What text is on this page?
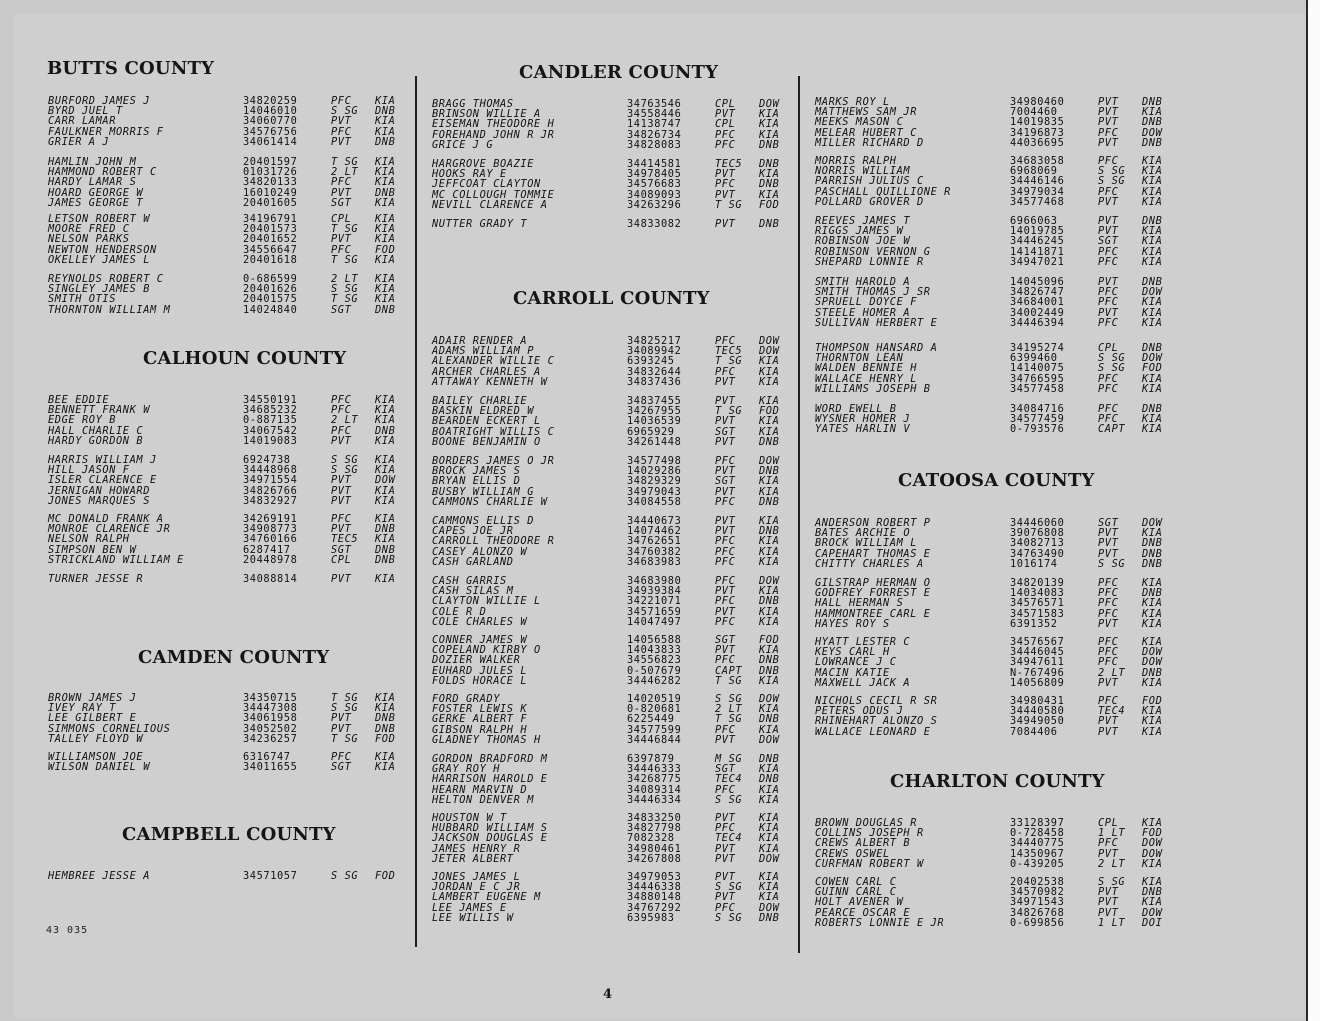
BUTTS COUNTY
BURFORD JAMES J	34820259	PFC KIA
BYRD JUEL T	14046010	S SG DNB
CARR LAMAR	34060770	PVT KIA
FAULKNER MORRIS F	34576756	PFC KIA
GRIER A J	34061414	PVT DNB
HAMLIN JOHN M	20401597	T SG KIA
HAMMOND ROBERT C	01031726	2 LT KIA
HARDY LAMAR S	34820133	PFC KIA
HOARD GEORGE W	16010249	PVT DNB
JAMES GEORGE T	20401605	SGT KIA
LETSON ROBERT W	34196791	CPL KIA
MOORE FRED C	20401573	T SG KIA
NELSON PARKS	20401652	PVT KIA
NEWTON HENDERSON	34556647	PFC FOD
OKELLEY JAMES L	20401618	T SG KIA
REYNOLDS ROBERT C	0-686599	2 LT KIA
SINGLEY JAMES B	20401626	S SG KIA
SMITH OTIS	20401575	T SG KIA
THORNTON WILLIAM M	14024840	SGT DNB
CALHOUN COUNTY
BEE EDDIE	34550191	PFC KIA
BENNETT FRANK W	34685232	PFC KIA
EDGE ROY B	0-887135	2 LT KIA
HALL CHARLIE C	34067542	PFC DNB
HARDY GORDON B	14019083	PVT KIA
HARRIS WILLIAM J	6924738	S SG KIA
HILL JASON F	34448968	S SG KIA
ISLER CLARENCE E	34971554	PVT DOW
JERNIGAN HOWARD	34826766	PVT KIA
JONES MARQUES S	34832927	PVT KIA
MC DONALD FRANK A	34269191	PFC KIA
MONROE CLARENCE JR	34908773	PVT DNB
NELSON RALPH	34760166	TEC5 KIA
SIMPSON BEN W	6287417	SGT DNB
STRICKLAND WILLIAM E	20448978	CPL DNB
TURNER JESSE R	34088814	PVT KIA
CAMDEN COUNTY
BROWN JAMES J	34350715	T SG KIA
IVEY RAY T	34447308	S SG KIA
LEE GILBERT E	34061958	PVT DNB
SIMMONS CORNELIOUS	34052502	PVT DNB
TALLEY FLOYD W	34236257	T SG FOD
WILLIAMSON JOE	6316747	PFC KIA
WILSON DANIEL W	34011655	SGT KIA
CAMPBELL COUNTY
HEMBREE JESSE A	34571057	S SG FOD
CANDLER COUNTY
BRAGG THOMAS	34763546	CPL DOW
BRINSON WILLIE A	34558446	PVT KIA
EISEMAN THEODORE H	14138747	CPL KIA
FOREHAND JOHN R JR	34826734	PFC KIA
GRICE J G	34828083	PFC DNB
HARGROVE BOAZIE	34414581	TEC5 DNB
HOOKS RAY E	34978405	PVT KIA
JEFFCOAT CLAYTON	34576683	PFC DNB
MC COLLOUGH TOMMIE	34089093	PVT KIA
NEVILL CLARENCE A	34263296	T SG FOD
NUTTER GRADY T	34833082	PVT DNB
CARROLL COUNTY
ADAIR RENDER A	34825217	PFC DOW
ADAMS WILLIAM P	34089942	TEC5 DOW
ALEXANDER WILLIE C	6393245	T SG KIA
ARCHER CHARLES A	34832644	PFC KIA
ATTAWAY KENNETH W	34837436	PVT KIA
BAILEY CHARLIE	34837455	PVT KIA
BASKIN ELDRED W	34267955	T SG FOD
BEARDEN ECKERT L	14036539	PVT KIA
BOATRIGHT WILLIS C	6965929	SGT KIA
BOONE BENJAMIN O	34261448	PVT DNB
BORDERS JAMES O JR	34577498	PFC DOW
BROCK JAMES S	14029286	PVT DNB
BRYAN ELLIS D	34829329	SGT KIA
BUSBY WILLIAM G	34979043	PVT KIA
CAMMONS CHARLIE W	34084558	PFC DNB
CAMMONS ELLIS D	34440673	PVT KIA
CAPES JOE JR	14074462	PVT DNB
CARROLL THEODORE R	34762651	PFC KIA
CASEY ALONZO W	34760382	PFC KIA
CASH GARLAND	34683983	PFC KIA
CASH GARRIS	34683980	PFC DOW
CASH SILAS M	34939384	PVT KIA
CLAYTON WILLIE L	34221071	PFC DNB
COLE R D	34571659	PVT KIA
COLE CHARLES W	14047497	PFC KIA
CONNER JAMES W	14056588	SGT FOD
COPELAND KIRBY O	14043833	PVT KIA
DOZIER WALKER	34556823	PFC DNB
EUHARD JULES L	0-507679	CAPT DNB
FOLDS HORACE L	34446282	T SG KIA
FORD GRADY	14020519	S SG DOW
FOSTER LEWIS K	0-820681	2 LT KIA
GERKE ALBERT F	6225449	T SG DNB
GIBSON RALPH H	34577599	PFC KIA
GLADNEY THOMAS H	34446844	PVT DOW
GORDON BRADFORD M	6397879	M SG DNB
GRAY ROY H	34446333	SGT KIA
HARRISON HAROLD E	34268775	TEC4 DNB
HEARN MARVIN D	34089314	PFC KIA
HELTON DENVER M	34446334	S SG KIA
HOUSTON W T	34833250	PVT KIA
HUBBARD WILLIAM S	34827798	PFC KIA
JACKSON DOUGLAS E	7082328	TEC4 KIA
JAMES HENRY R	34980461	PVT KIA
JETER ALBERT	34267808	PVT DOW
JONES JAMES L	34979053	PVT KIA
JORDAN E C JR	34446338	S SG KIA
LAMBERT EUGENE M	34880148	PVT KIA
LEE JAMES E	34767292	PFC DOW
LEE WILLIS W	6395983	S SG DNB
MARKS ROY L	34980460	PVT DNB
MATTHEWS SAM JR	7004460	PVT KIA
MEEKS MASON C	14019835	PVT DNB
MELEAR HUBERT C	34196873	PFC DOW
MILLER RICHARD D	44036695	PVT DNB
MORRIS RALPH	34683058	PFC KIA
NORRIS WILLIAM	6968069	S SG KIA
PARRISH JULIUS C	34446146	S SG KIA
PASCHALL QUILLIONE R	34979034	PFC KIA
POLLARD GROVER D	34577468	PVT KIA
REEVES JAMES T	6966063	PVT DNB
RIGGS JAMES W	14019785	PVT KIA
ROBINSON JOE W	34446245	SGT KIA
ROBINSON VERNON G	14141871	PFC KIA
SHEPARD LONNIE R	34947021	PFC KIA
SMITH HAROLD A	14045096	PVT DNB
SMITH THOMAS J SR	34826747	PFC DOW
SPRUELL DOYCE F	34684001	PFC KIA
STEELE HOMER A	34002449	PVT KIA
SULLIVAN HERBERT E	34446394	PFC KIA
THOMPSON HANSARD A	34195274	CPL DNB
THORNTON LEAN	6399460	S SG DOW
WALDEN BENNIE H	14140075	S SG FOD
WALLACE HENRY L	34766595	PFC KIA
WILLIAMS JOSEPH B	34577458	PFC KIA
WORD EWELL B	34084716	PFC DNB
WYSNER HOMER J	34577459	PFC KIA
YATES HARLIN V	0-793576	CAPT KIA
CATOOSA COUNTY
ANDERSON ROBERT P	34446060	SGT DOW
BATES ARCHIE O	39076808	PVT KIA
BROCK WILLIAM L	34082713	PVT DNB
CAPEHART THOMAS E	34763490	PVT DNB
CHITTY CHARLES A	1016174	S SG DNB
GILSTRAP HERMAN O	34820139	PFC KIA
GODFREY FORREST E	14034083	PFC DNB
HALL HERMAN S	34576571	PFC KIA
HAMMONTREE CARL E	34571583	PFC KIA
HAYES ROY S	6391352	PVT KIA
HYATT LESTER C	34576567	PFC KIA
KEYS CARL H	34446045	PFC DOW
LOWRANCE J C	34947611	PFC DOW
MACIN KATIE	N-767496	2 LT DNB
MAXWELL JACK A	14056809	PVT KIA
NICHOLS CECIL R SR	34980431	PFC FOD
PETERS ODUS J	34440580	TEC4 KIA
RHINEHART ALONZO S	34949050	PVT KIA
WALLACE LEONARD E	7084406	PVT KIA
CHARLTON COUNTY
BROWN DOUGLAS R	33128397	CPL KIA
COLLINS JOSEPH R	0-728458	1 LT FOD
CREWS ALBERT B	34440775	PFC DOW
CREWS OSWEL	14350967	PVT DOW
CURFMAN ROBERT W	0-439205	2 LT KIA
COWEN CARL C	20402538	S SG KIA
GUINN CARL C	34570982	PVT DNB
HOLT AVENER W	34971543	PVT KIA
PEARCE OSCAR E	34826768	PVT DOW
ROBERTS LONNIE E JR	0-699856	1 LT DOI
43 035
4
